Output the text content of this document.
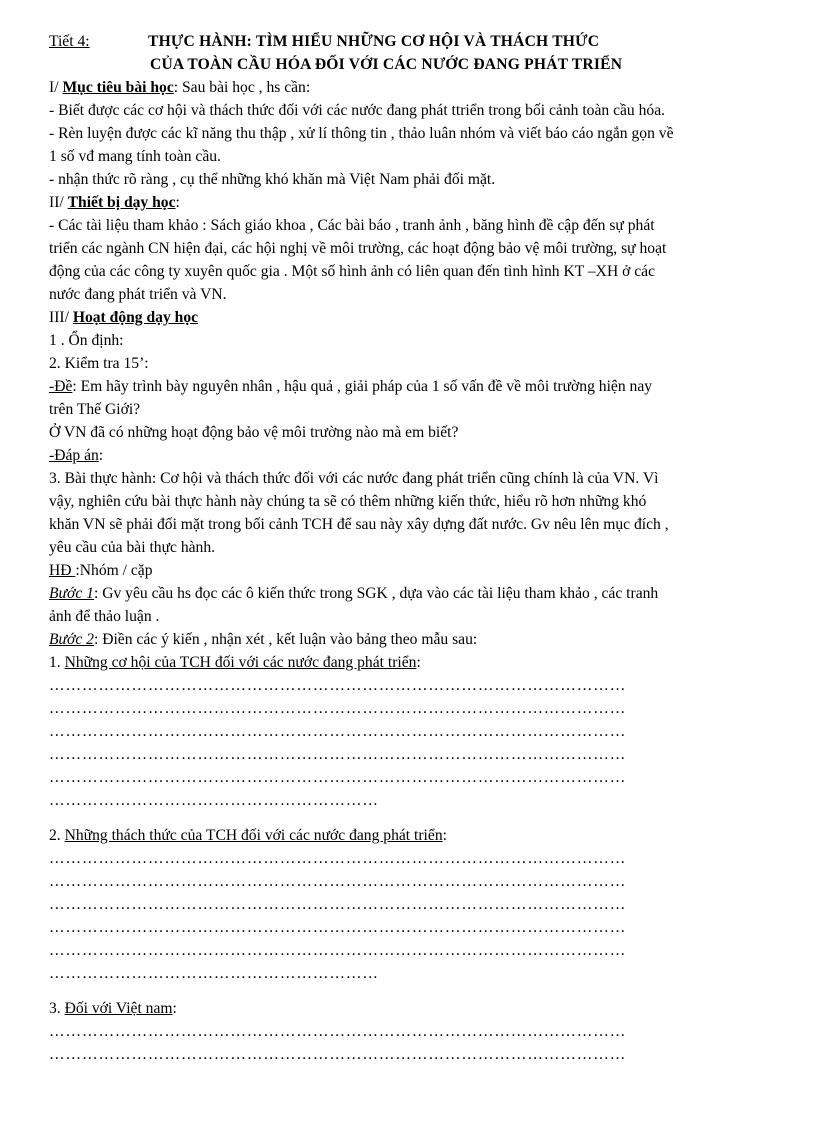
Tiết 4:	THỰC HÀNH: TÌM HIỂU NHỮNG CƠ HỘI VÀ THÁCH THỨC
CỦA TOÀN CẦU HÓA ĐỐI VỚI CÁC NƯỚC ĐANG PHÁT TRIỂN
I/ Mục tiêu bài học: Sau bài học , hs cần:
- Biết được các cơ hội và thách thức đối với các nước đang phát ttriển trong bối cảnh toàn cầu hóa.
- Rèn luyện được các kĩ năng thu thập , xử lí thông tin , thảo luân nhóm và viết báo cáo ngắn gọn về
1 số vđ mang tính toàn cầu.
- nhận thức rõ ràng , cụ thể những khó khăn mà Việt Nam phải đối mặt.
II/ Thiết bị dạy học:
- Các tài liệu tham khảo : Sách giáo khoa , Các bài báo , tranh ảnh , băng hình đề cập đến sự phát
triển các ngành CN hiện đại, các hội nghị về môi trường, các hoạt động bảo vệ môi trường, sự hoạt
động của các công ty xuyên quốc gia . Một số hình ảnh có liên quan đến tình hình KT –XH ở các
nước đang phát triển và VN.
III/ Hoạt động dạy học
1 . Ổn định:
2. Kiểm tra 15’:
-Đề: Em hãy trình bày nguyên nhân , hậu quả , giải pháp của 1 số vấn đề về môi trường hiện nay
trên Thế Giới?
Ở VN đã có những hoạt động bảo vệ môi trường nào mà em biết?
-Đáp án:
3. Bài thực hành: Cơ hội và thách thức đối với các nước đang phát triển cũng chính là của VN. Vì
vậy, nghiên cứu bài thực hành này chúng ta sẽ có thêm những kiến thức, hiểu rõ hơn những khó
khăn VN sẽ phải đối mặt trong bối cảnh TCH để sau này xây dựng đất nước. Gv nêu lên mục đích ,
yêu cầu của bài thực hành.
HĐ :Nhóm / cặp
Bước 1: Gv yêu cầu hs đọc các ô kiến thức trong SGK , dựa vào các tài liệu tham khảo , các tranh
ảnh để thảo luận .
Bước 2: Điền các ý kiến , nhận xét , kết luận vào bảng theo mẫu sau:
1. Những cơ hội của TCH đối với các nước đang phát triển:
……………………………………………………………………………………………
……………………………………………………………………………………………
……………………………………………………………………………………………
……………………………………………………………………………………………
……………………………………………………………………………………………
……………………………………………………
2. Những thách thức của TCH đối với các nước đang phát triển:
……………………………………………………………………………………………
……………………………………………………………………………………………
……………………………………………………………………………………………
……………………………………………………………………………………………
……………………………………………………………………………………………
……………………………………………………
3. Đối với Việt nam:
……………………………………………………………………………………………
……………………………………………………………………………………………
